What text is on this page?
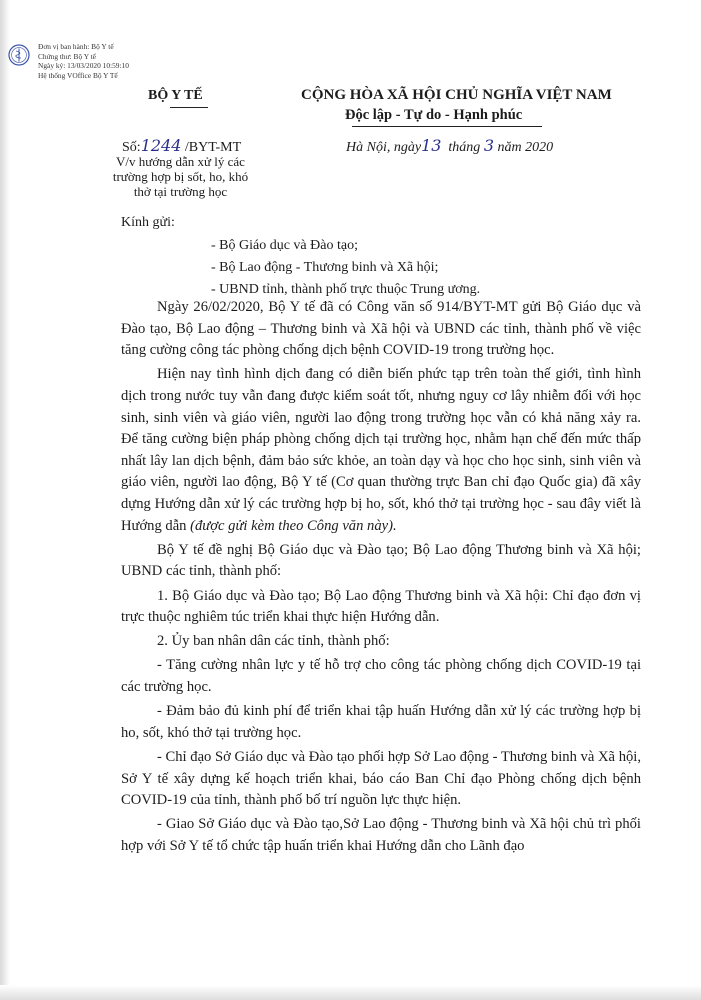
Đơn vị ban hành: Bộ Y tế
Chứng thư: Bộ Y tế
Ngày ký: 13/03/2020 10:59:10
Hệ thống VOffice Bộ Y Tế
BỘ Y TẾ	CỘNG HÒA XÃ HỘI CHỦ NGHĨA VIỆT NAM
Độc lập - Tự do - Hạnh phúc
Số:1244 /BYT-MT	Hà Nội, ngày13 tháng 3 năm 2020
V/v hướng dẫn xử lý các trường hợp bị sốt, ho, khó thở tại trường học
Kính gửi:
- Bộ Giáo dục và Đào tạo;
- Bộ Lao động - Thương binh và Xã hội;
- UBND tỉnh, thành phố trực thuộc Trung ương.

Ngày 26/02/2020, Bộ Y tế đã có Công văn số 914/BYT-MT gửi Bộ Giáo dục và Đào tạo, Bộ Lao động – Thương binh và Xã hội và UBND các tỉnh, thành phố về việc tăng cường công tác phòng chống dịch bệnh COVID-19 trong trường học.

Hiện nay tình hình dịch đang có diễn biến phức tạp trên toàn thế giới, tình hình dịch trong nước tuy vẫn đang được kiểm soát tốt, nhưng nguy cơ lây nhiễm đối với học sinh, sinh viên và giáo viên, người lao động trong trường học vẫn có khả năng xảy ra. Để tăng cường biện pháp phòng chống dịch tại trường học, nhằm hạn chế đến mức thấp nhất lây lan dịch bệnh, đảm bảo sức khỏe, an toàn dạy và học cho học sinh, sinh viên và giáo viên, người lao động, Bộ Y tế (Cơ quan thường trực Ban chỉ đạo Quốc gia) đã xây dựng Hướng dẫn xử lý các trường hợp bị ho, sốt, khó thở tại trường học - sau đây viết là Hướng dẫn (được gửi kèm theo Công văn này).

Bộ Y tế đề nghị Bộ Giáo dục và Đào tạo; Bộ Lao động Thương binh và Xã hội; UBND các tỉnh, thành phố:

1. Bộ Giáo dục và Đào tạo; Bộ Lao động Thương binh và Xã hội: Chỉ đạo đơn vị trực thuộc nghiêm túc triển khai thực hiện Hướng dẫn.

2. Ủy ban nhân dân các tỉnh, thành phố:

- Tăng cường nhân lực y tế hỗ trợ cho công tác phòng chống dịch COVID-19 tại các trường học.

- Đảm bảo đủ kinh phí để triển khai tập huấn Hướng dẫn xử lý các trường hợp bị ho, sốt, khó thở tại trường học.

- Chỉ đạo Sở Giáo dục và Đào tạo phối hợp Sở Lao động - Thương binh và Xã hội, Sở Y tế xây dựng kế hoạch triển khai, báo cáo Ban Chỉ đạo Phòng chống dịch bệnh COVID-19 của tỉnh, thành phố bố trí nguồn lực thực hiện.

- Giao Sở Giáo dục và Đào tạo,Sở Lao động - Thương binh và Xã hội chủ trì phối hợp với Sở Y tế tổ chức tập huấn triển khai Hướng dẫn cho Lãnh đạo
